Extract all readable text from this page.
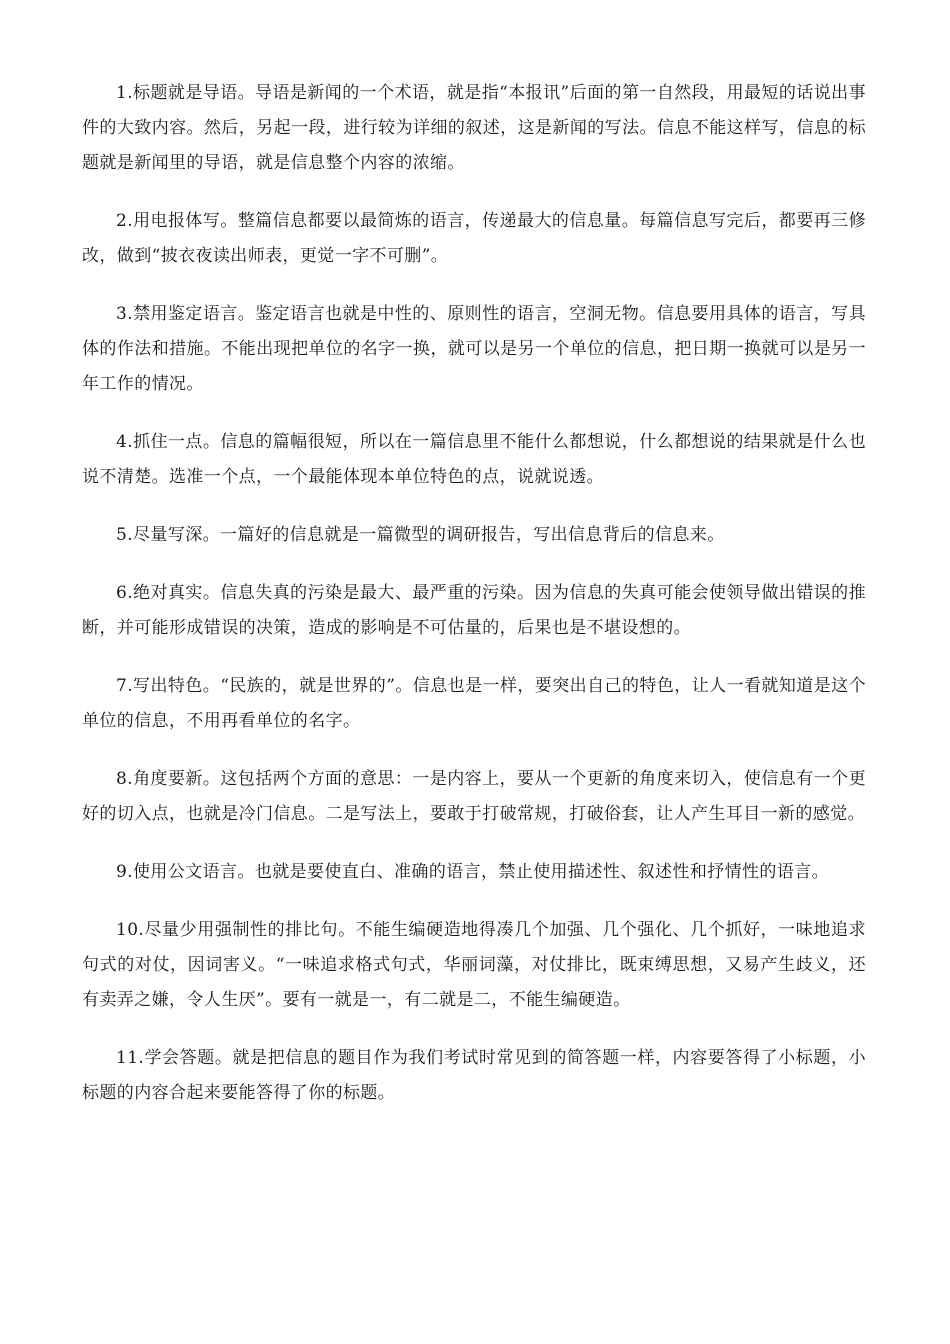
1.标题就是导语。导语是新闻的一个术语，就是指“本报讯”后面的第一自然段，用最短的话说出事件的大致内容。然后，另起一段，进行较为详细的叙述，这是新闻的写法。信息不能这样写，信息的标题就是新闻里的导语，就是信息整个内容的浓缩。

2.用电报体写。整篇信息都要以最简炼的语言，传递最大的信息量。每篇信息写完后，都要再三修改，做到“披衣夜读出师表，更觉一字不可删”。

3.禁用鉴定语言。鉴定语言也就是中性的、原则性的语言，空洞无物。信息要用具体的语言，写具体的作法和措施。不能出现把单位的名字一换，就可以是另一个单位的信息，把日期一换就可以是另一年工作的情况。

4.抓住一点。信息的篇幅很短，所以在一篇信息里不能什么都想说，什么都想说的结果就是什么也说不清楚。选准一个点，一个最能体现本单位特色的点，说就说透。

5.尽量写深。一篇好的信息就是一篇微型的调研报告，写出信息背后的信息来。

6.绝对真实。信息失真的污染是最大、最严重的污染。因为信息的失真可能会使领导做出错误的推断，并可能形成错误的决策，造成的影响是不可估量的，后果也是不堪设想的。

7.写出特色。“民族的，就是世界的”。信息也是一样，要突出自己的特色，让人一看就知道是这个单位的信息，不用再看单位的名字。

8.角度要新。这包括两个方面的意思：一是内容上，要从一个更新的角度来切入，使信息有一个更好的切入点，也就是冷门信息。二是写法上，要敢于打破常规，打破俗套，让人产生耳目一新的感觉。

9.使用公文语言。也就是要使直白、准确的语言，禁止使用描述性、叙述性和抒情性的语言。

10.尽量少用强制性的排比句。不能生编硬造地得凑几个加强、几个强化、几个抓好，一味地追求句式的对仗，因词害义。“一味追求格式句式，华丽词藻，对仗排比，既束缚思想，又易产生歧义，还有卖弄之嫌，令人生厌”。要有一就是一，有二就是二，不能生编硬造。

11.学会答题。就是把信息的题目作为我们考试时常见到的简答题一样，内容要答得了小标题，小标题的内容合起来要能答得了你的标题。
